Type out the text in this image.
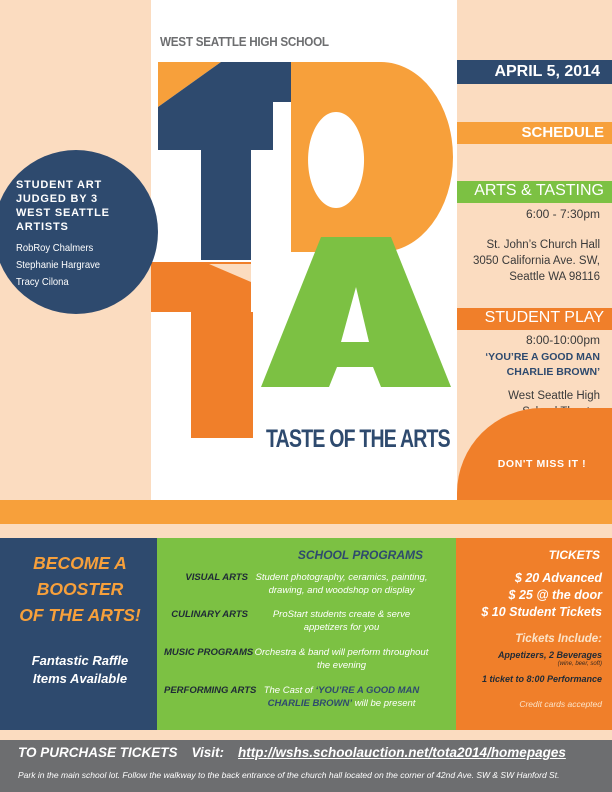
WEST SEATTLE HIGH SCHOOL
TASTE OF THE ARTS
STUDENT ART
JUDGED BY 3
WEST SEATTLE
ARTISTS
RobRoy Chalmers
Stephanie Hargrave
Tracy Cilona
APRIL 5, 2014
SCHEDULE
ARTS & TASTING
6:00 - 7:30pm
St. John’s Church Hall
3050 California Ave. SW,
Seattle WA 98116
STUDENT PLAY
8:00-10:00pm
‘YOU’RE A GOOD MAN
CHARLIE BROWN’
West Seattle High
DON'T MISS IT !
BECOME A
BOOSTER
OF THE ARTS!
Fantastic Raffle
Items Available
SCHOOL PROGRAMS
VISUAL ARTS Student photography, ceramics, painting, drawing, and woodshop on display
CULINARY ARTS	ProStart students create & serve appetizers for you
MUSIC PROGRAMS Orchestra & band will perform throughout the evening
PERFORMING ARTS The Cast of ‘YOU’RE A GOOD MAN CHARLIE BROWN’ will be present
TICKETS
$ 20 Advanced
$ 25 @ the door
$ 10 Student Tickets
Tickets Include:
Appetizers, 2 Beverages
(wine, beer, soft)
1 ticket to 8:00 Performance
Credit cards accepted
TO PURCHASE TICKETS Visit: http://wshs.schoolauction.net/tota2014/homepages
Park in the main school lot. Follow the walkway to the back entrance of the church hall located on the corner of 42nd Ave. SW & SW Hanford St.
